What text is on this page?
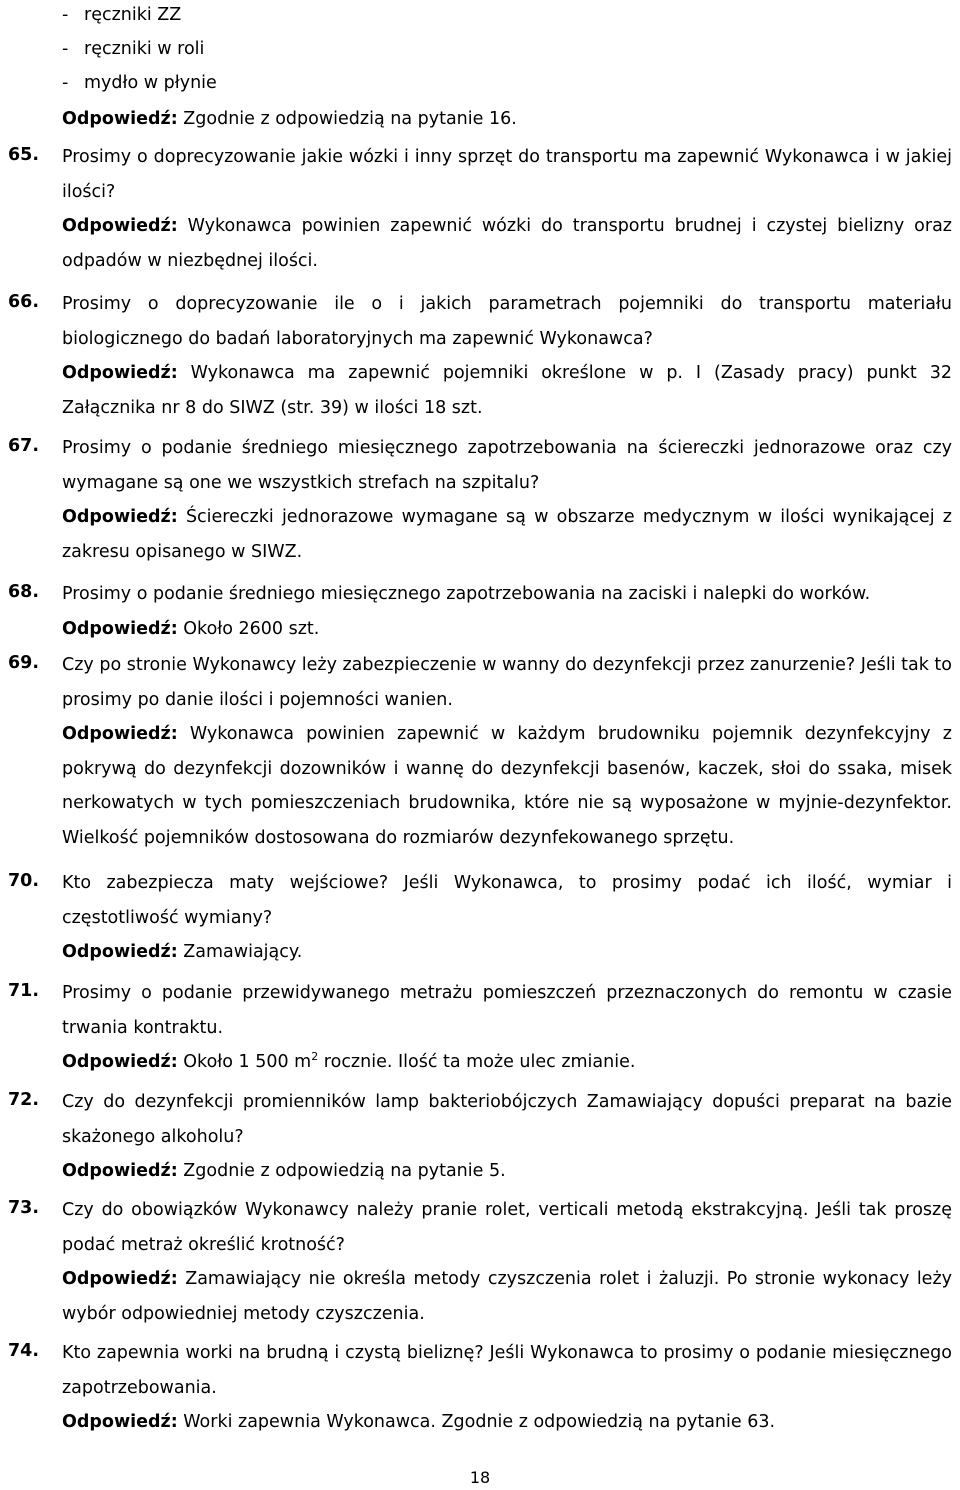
- ręczniki ZZ
- ręczniki w roli
- mydło w płynie
Odpowiedź: Zgodnie z odpowiedzią na pytanie 16.
65.	Prosimy o doprecyzowanie jakie wózki i inny sprzęt do transportu ma zapewnić Wykonawca i w jakiej ilości?

Odpowiedź: Wykonawca powinien zapewnić wózki do transportu brudnej i czystej bielizny oraz odpadów w niezbędnej ilości.

66.	Prosimy o doprecyzowanie ile o i jakich parametrach pojemniki do transportu materiału biologicznego do badań laboratoryjnych ma zapewnić Wykonawca?

Odpowiedź: Wykonawca ma zapewnić pojemniki określone w p. I (Zasady pracy) punkt 32 Załącznika nr 8 do SIWZ (str. 39) w ilości 18 szt.

67.	Prosimy o podanie średniego miesięcznego zapotrzebowania na ściereczki jednorazowe oraz czy wymagane są one we wszystkich strefach na szpitalu?

Odpowiedź: Ściereczki jednorazowe wymagane są w obszarze medycznym w ilości wynikającej z zakresu opisanego w SIWZ.

68.	Prosimy o podanie średniego miesięcznego zapotrzebowania na zaciski i nalepki do worków.

Odpowiedź: Około 2600 szt.

69.	Czy po stronie Wykonawcy leży zabezpieczenie w wanny do dezynfekcji przez zanurzenie? Jeśli tak to prosimy po danie ilości i pojemności wanien.

Odpowiedź: Wykonawca powinien zapewnić w każdym brudowniku pojemnik dezynfekcyjny z pokrywą do dezynfekcji dozowników i wannę do dezynfekcji basenów, kaczek, słoi do ssaka, misek nerkowatych w tych pomieszczeniach brudownika, które nie są wyposażone w myjnie-dezynfektor. Wielkość pojemników dostosowana do rozmiarów dezynfekowanego sprzętu.

70.	Kto zabezpiecza maty wejściowe? Jeśli Wykonawca, to prosimy podać ich ilość, wymiar i częstotliwość wymiany?

Odpowiedź: Zamawiający.

71.	Prosimy o podanie przewidywanego metrażu pomieszczeń przeznaczonych do remontu w czasie trwania kontraktu.

Odpowiedź: Około 1 500 $m^2$ rocznie. Ilość ta może ulec zmianie.

72.	Czy do dezynfekcji promienników lamp bakteriobójczych Zamawiający dopuści preparat na bazie skażonego alkoholu?

Odpowiedź: Zgodnie z odpowiedzią na pytanie 5.

73.	Czy do obowiązków Wykonawcy należy pranie rolet, verticali metodą ekstrakcyjną. Jeśli tak proszę podać metraż określić krotność?

Odpowiedź: Zamawiający nie określa metody czyszczenia rolet i żaluzji. Po stronie wykonacy leży wybór odpowiedniej metody czyszczenia.

74.	Kto zapewnia worki na brudną i czystą bieliznę? Jeśli Wykonawca to prosimy o podanie miesięcznego zapotrzebowania.

Odpowiedź: Worki zapewnia Wykonawca. Zgodnie z odpowiedzią na pytanie 63.

18
